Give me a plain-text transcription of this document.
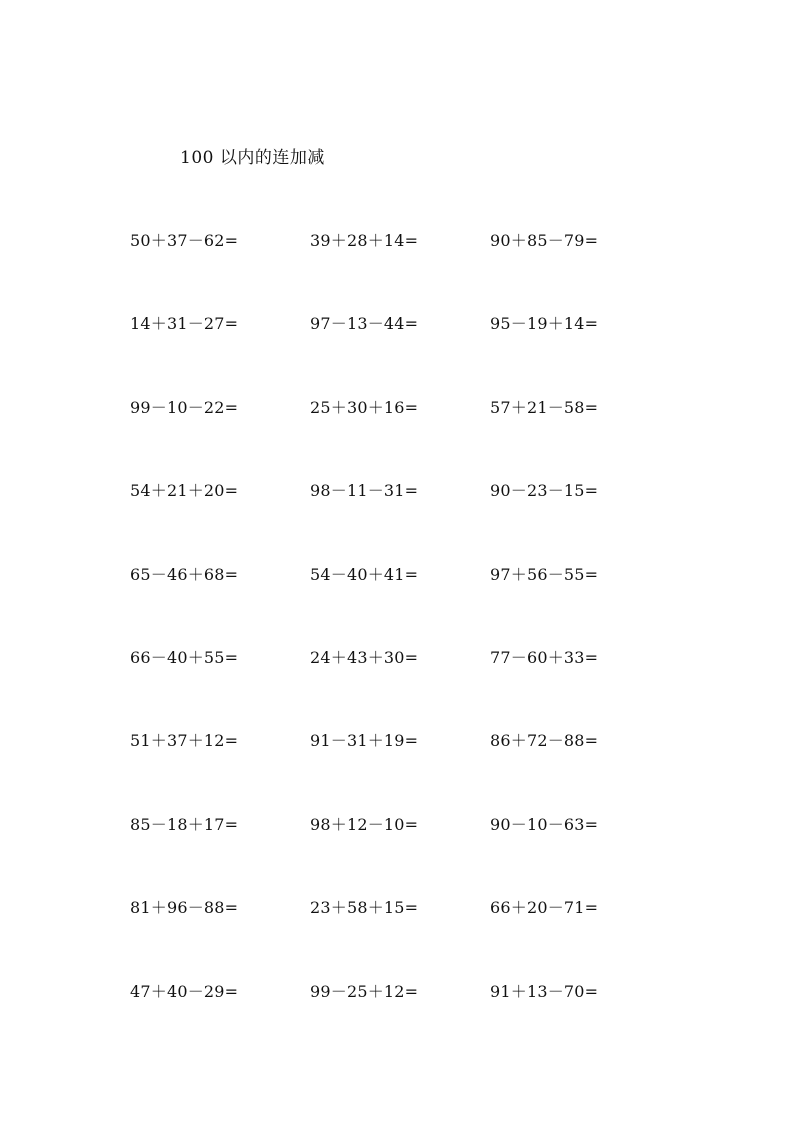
100 以内的连加减
50＋37－62=	39＋28＋14=	90＋85－79=
14＋31－27=	97－13－44=	95－19＋14=
99－10－22=	25＋30＋16=	57＋21－58=
54＋21＋20=	98－11－31=	90－23－15=
65－46＋68=	54－40＋41=	97＋56－55=
66－40＋55=	24＋43＋30=	77－60＋33=
51＋37＋12=	91－31＋19=	86＋72－88=
85－18＋17=	98＋12－10=	90－10－63=
81＋96－88=	23＋58＋15=	66＋20－71=
47＋40－29=	99－25＋12=	91＋13－70=
